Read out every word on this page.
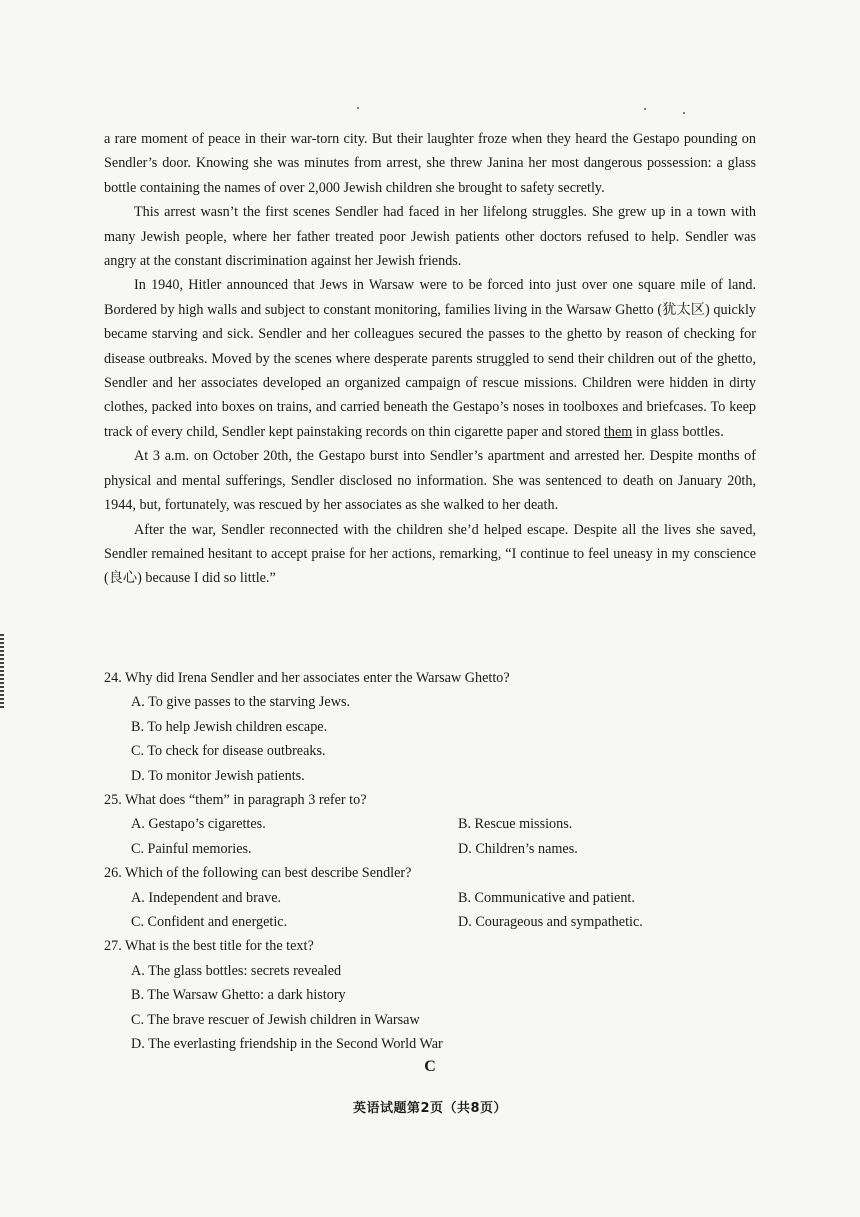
a rare moment of peace in their war-torn city. But their laughter froze when they heard the Gestapo pounding on Sendler’s door. Knowing she was minutes from arrest, she threw Janina her most dangerous possession: a glass bottle containing the names of over 2,000 Jewish children she brought to safety secretly.

This arrest wasn’t the first scenes Sendler had faced in her lifelong struggles. She grew up in a town with many Jewish people, where her father treated poor Jewish patients other doctors refused to help. Sendler was angry at the constant discrimination against her Jewish friends.

In 1940, Hitler announced that Jews in Warsaw were to be forced into just over one square mile of land. Bordered by high walls and subject to constant monitoring, families living in the Warsaw Ghetto (犹太区) quickly became starving and sick. Sendler and her colleagues secured the passes to the ghetto by reason of checking for disease outbreaks. Moved by the scenes where desperate parents struggled to send their children out of the ghetto, Sendler and her associates developed an organized campaign of rescue missions. Children were hidden in dirty clothes, packed into boxes on trains, and carried beneath the Gestapo’s noses in toolboxes and briefcases. To keep track of every child, Sendler kept painstaking records on thin cigarette paper and stored them in glass bottles.

At 3 a.m. on October 20th, the Gestapo burst into Sendler’s apartment and arrested her. Despite months of physical and mental sufferings, Sendler disclosed no information. She was sentenced to death on January 20th, 1944, but, fortunately, was rescued by her associates as she walked to her death.

After the war, Sendler reconnected with the children she’d helped escape. Despite all the lives she saved, Sendler remained hesitant to accept praise for her actions, remarking, “I continue to feel uneasy in my conscience (良心) because I did so little.”

24. Why did Irena Sendler and her associates enter the Warsaw Ghetto?

A. To give passes to the starving Jews.

B. To help Jewish children escape.

C. To check for disease outbreaks.

D. To monitor Jewish patients.

25. What does “them” in paragraph 3 refer to?

A. Gestapo’s cigarettes.	B. Rescue missions.
C. Painful memories.	D. Children’s names.

26. Which of the following can best describe Sendler?

A. Independent and brave.	B. Communicative and patient.
C. Confident and energetic.	D. Courageous and sympathetic.

27. What is the best title for the text?

A. The glass bottles: secrets revealed

B. The Warsaw Ghetto: a dark history

C. The brave rescuer of Jewish children in Warsaw

D. The everlasting friendship in the Second World War

C
英语试题第2页（共8页）
